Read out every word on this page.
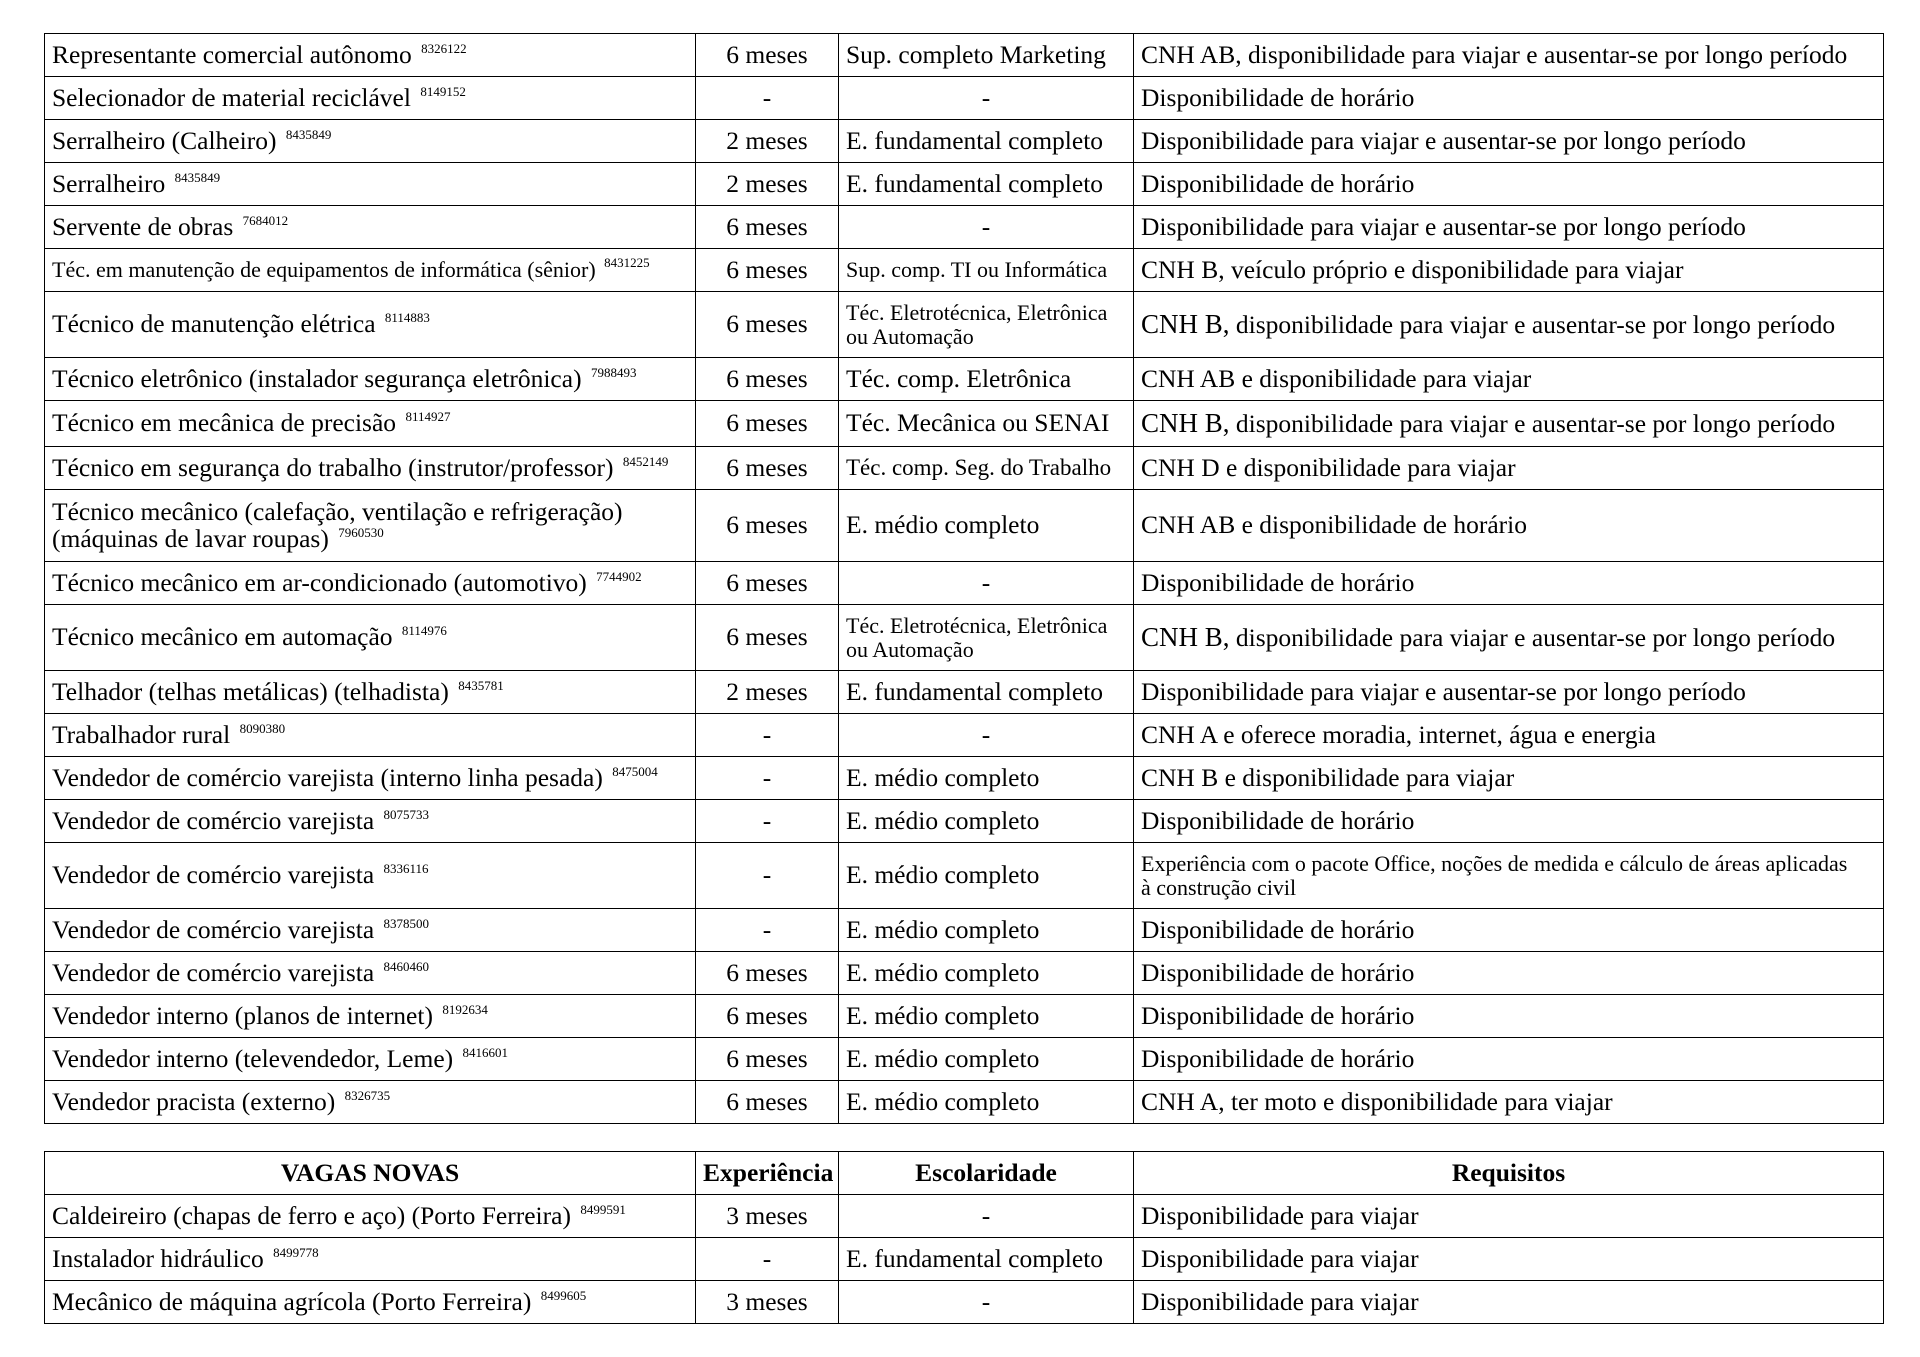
Representante comercial autônomo $^{8326122}$	6 meses	Sup. completo Marketing	CNH AB, disponibilidade para viajar e ausentar-se por longo período
Selecionador de material reciclável $^{8149152}$	-	-	Disponibilidade de horário
Serralheiro (Calheiro) $^{8435849}$	2 meses	E. fundamental completo	Disponibilidade para viajar e ausentar-se por longo período
Serralheiro $^{8435849}$	2 meses	E. fundamental completo	Disponibilidade de horário
Servente de obras $^{7684012}$	6 meses	-	Disponibilidade para viajar e ausentar-se por longo período
Téc. em manutenção de equipamentos de informática (sênior) $^{8431225}$	6 meses	Sup. comp. TI ou Informática	CNH B, veículo próprio e disponibilidade para viajar
Técnico de manutenção elétrica $^{8114883}$	6 meses	Téc. Eletrotécnica, Eletrônica
ou Automação	CNH B, disponibilidade para viajar e ausentar-se por longo período
Técnico eletrônico (instalador segurança eletrônica) $^{7988493}$	6 meses	Téc. comp. Eletrônica	CNH AB e disponibilidade para viajar
Técnico em mecânica de precisão $^{8114927}$	6 meses	Téc. Mecânica ou SENAI	CNH B, disponibilidade para viajar e ausentar-se por longo período
Técnico em segurança do trabalho (instrutor/professor) $^{8452149}$	6 meses	Téc. comp. Seg. do Trabalho	CNH D e disponibilidade para viajar

Técnico mecânico (calefação, ventilação e refrigeração)
(máquinas de lavar roupas) $^{7960530}$	6 meses	E. médio completo	CNH AB e disponibilidade de horário
Técnico mecânico em ar-condicionado (automotivo) $^{7744902}$	6 meses	-	Disponibilidade de horário
Técnico mecânico em automação $^{8114976}$	6 meses	Téc. Eletrotécnica, Eletrônica
ou Automação	CNH B, disponibilidade para viajar e ausentar-se por longo período
Telhador (telhas metálicas) (telhadista) $^{8435781}$	2 meses	E. fundamental completo	Disponibilidade para viajar e ausentar-se por longo período
Trabalhador rural $^{8090380}$	-	-	CNH A e oferece moradia, internet, água e energia
Vendedor de comércio varejista (interno linha pesada) $^{8475004}$	-	E. médio completo	CNH B e disponibilidade para viajar
Vendedor de comércio varejista $^{8075733}$	-	E. médio completo	Disponibilidade de horário
Vendedor de comércio varejista $^{8336116}$	-	E. médio completo	Experiência com o pacote Office, noções de medida e cálculo de áreas aplicadas
à construção civil

Vendedor de comércio varejista $^{8378500}$	-	E. médio completo	Disponibilidade de horário
Vendedor de comércio varejista $^{8460460}$	6 meses	E. médio completo	Disponibilidade de horário
Vendedor interno (planos de internet) $^{8192634}$	6 meses	E. médio completo	Disponibilidade de horário
Vendedor interno (televendedor, Leme) $^{8416601}$	6 meses	E. médio completo	Disponibilidade de horário
Vendedor pracista (externo) $^{8326735}$	6 meses	E. médio completo	CNH A, ter moto e disponibilidade para viajar
VAGAS NOVAS	Experiência	Escolaridade	Requisitos
Caldeireiro (chapas de ferro e aço) (Porto Ferreira) $^{8499591}$	3 meses	-	Disponibilidade para viajar
Instalador hidráulico $^{8499778}$	-	E. fundamental completo	Disponibilidade para viajar
Mecânico de máquina agrícola (Porto Ferreira) $^{8499605}$	3 meses	-	Disponibilidade para viajar
